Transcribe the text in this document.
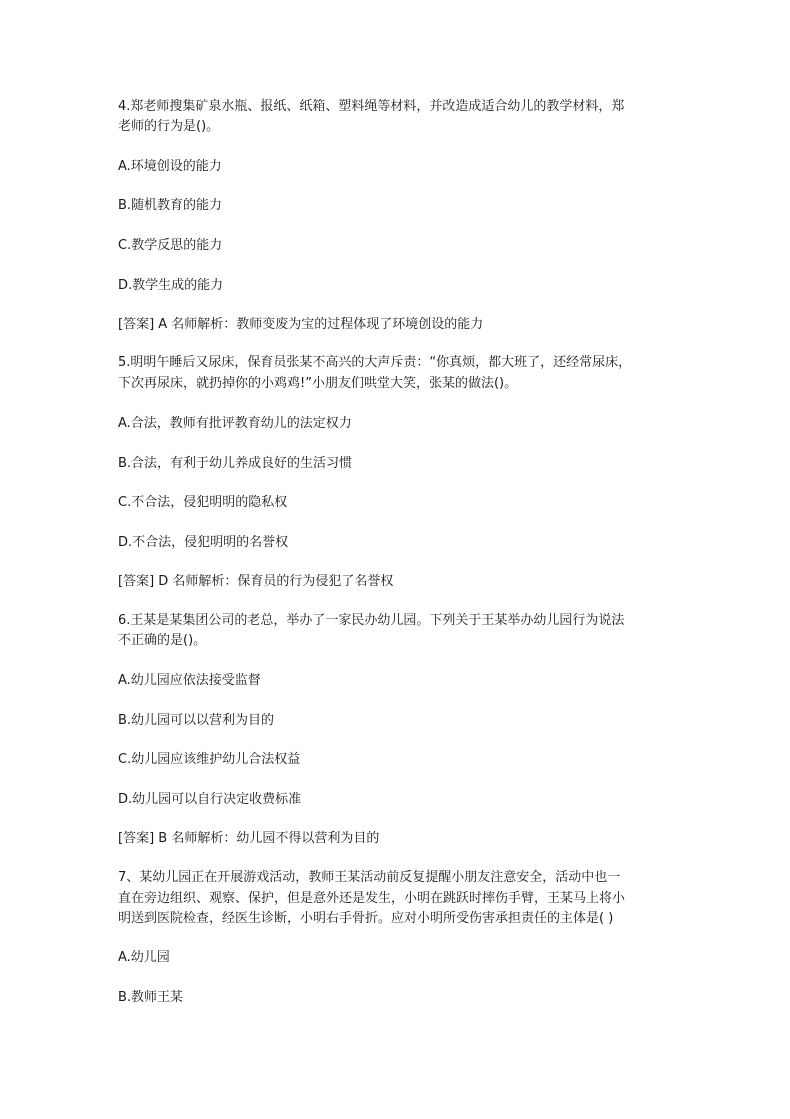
4.郑老师搜集矿泉水瓶、报纸、纸箱、塑料绳等材料，并改造成适合幼儿的教学材料，郑
老师的行为是()。
A.环境创设的能力
B.随机教育的能力
C.教学反思的能力
D.教学生成的能力
[答案] A 名师解析：教师变废为宝的过程体现了环境创设的能力
5.明明午睡后又尿床，保育员张某不高兴的大声斥责：“你真烦，都大班了，还经常尿床，
下次再尿床，就扔掉你的小鸡鸡!”小朋友们哄堂大笑，张某的做法()。
A.合法，教师有批评教育幼儿的法定权力
B.合法，有利于幼儿养成良好的生活习惯
C.不合法，侵犯明明的隐私权
D.不合法，侵犯明明的名誉权
[答案] D 名师解析：保育员的行为侵犯了名誉权
6.王某是某集团公司的老总，举办了一家民办幼儿园。下列关于王某举办幼儿园行为说法
不正确的是()。
A.幼儿园应依法接受监督
B.幼儿园可以以营利为目的
C.幼儿园应该维护幼儿合法权益
D.幼儿园可以自行决定收费标准
[答案] B 名师解析：幼儿园不得以营利为目的
7、某幼儿园正在开展游戏活动，教师王某活动前反复提醒小朋友注意安全，活动中也一
直在旁边组织、观察、保护，但是意外还是发生，小明在跳跃时摔伤手臂，王某马上将小
明送到医院检查，经医生诊断，小明右手骨折。应对小明所受伤害承担责任的主体是( )
A.幼儿园
B.教师王某
